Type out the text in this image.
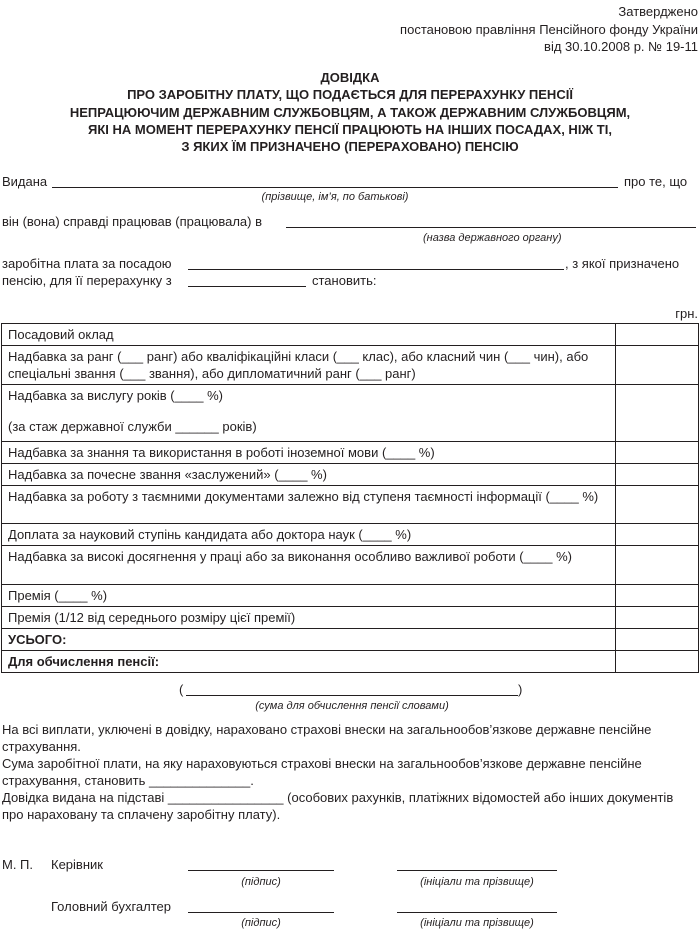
Затверджено
постановою правління Пенсійного фонду України
від 30.10.2008 р. № 19-11
ДОВІДКА
ПРО ЗАРОБІТНУ ПЛАТУ, ЩО ПОДАЄТЬСЯ ДЛЯ ПЕРЕРАХУНКУ ПЕНСІЇ
НЕПРАЦЮЮЧИМ ДЕРЖАВНИМ СЛУЖБОВЦЯМ, А ТАКОЖ ДЕРЖАВНИМ СЛУЖБОВЦЯМ,
ЯКІ НА МОМЕНТ ПЕРЕРАХУНКУ ПЕНСІЇ ПРАЦЮЮТЬ НА ІНШИХ ПОСАДАХ, НІЖ ТІ,
З ЯКИХ ЇМ ПРИЗНАЧЕНО (ПЕРЕРАХОВАНО) ПЕНСІЮ
Видана	про те, що
(прізвище, ім’я, по батькові)
він (вона) справді працював (працювала) в
(назва державного органу)
заробітна плата за посадою	, з якої призначено
пенсію, для її перерахунку з	становить:
грн.
Посадовий оклад	
Надбавка за ранг (___ ранг) або кваліфікаційні класи (___ клас), або класний чин (___ чин), або спеціальні звання (___ звання), або дипломатичний ранг (___ ранг)	

Надбавка за вислугу років (____ %)
(за стаж державної служби ______ років)	

Надбавка за знання та використання в роботі іноземної мови (____ %)	
Надбавка за почесне звання «заслужений» (____ %)	
Надбавка за роботу з таємними документами залежно від ступеня таємності інформації (____ %)	
Доплата за науковий ступінь кандидата або доктора наук (____ %)	
Надбавка за високі досягнення у праці або за виконання особливо важливої роботи (____ %)	
Премія (____ %)	
Премія (1/12 від середнього розміру цієї премії)	
УСЬОГО:	
Для обчислення пенсії:	
(	)
(сума для обчислення пенсії словами)
На всі виплати, уключені в довідку, нараховано страхові внески на загальнообов’язкове державне пенсійне страхування.
Сума заробітної плати, на яку нараховуються страхові внески на загальнообов’язкове державне пенсійне страхування, становить ______________.
Довідка видана на підставі ________________ (особових рахунків, платіжних відомостей або інших документів про нараховану та сплачену заробітну плату).
М. П. Керівник
(підпис)	(ініціали та прізвище)
Головний бухгалтер
(підпис)	(ініціали та прізвище)
